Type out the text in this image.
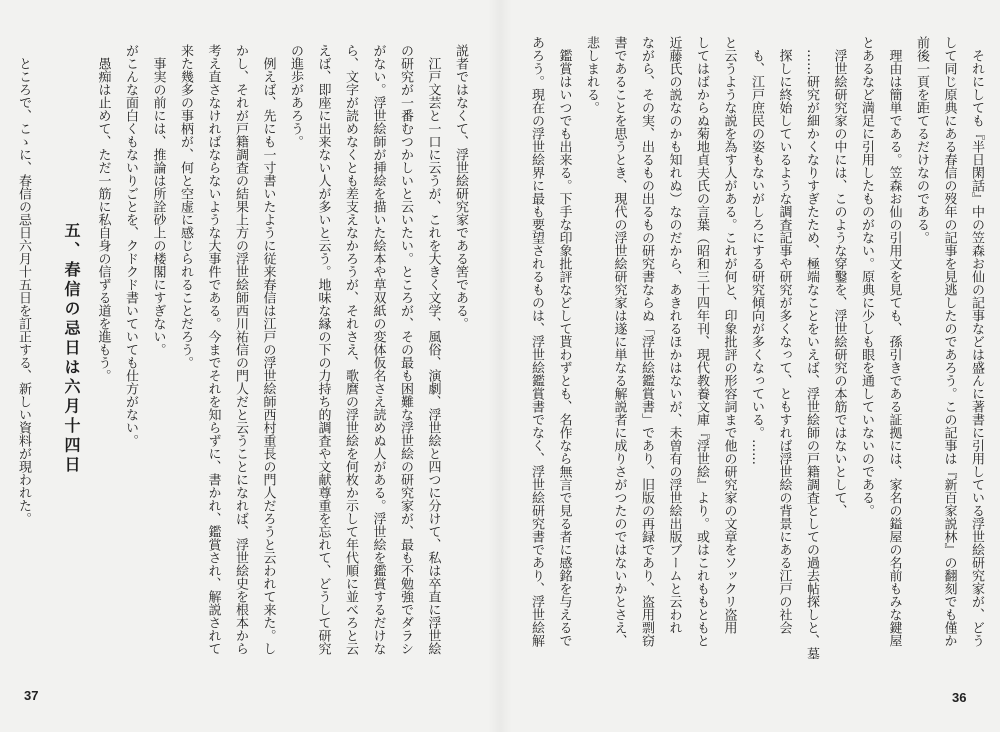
それにしても『半日閑話』中の笠森お仙の記事などは盛んに著書に引用している浮世絵研究家が、どう
して同じ原典にある春信の歿年の記事を見逃したのであろう。この記事は『新百家説林』の翻刻でも僅か
前後一頁を距てるだけなのである。
理由は簡単である。笠森お仙の引用文を見ても、孫引きである証拠には、家名の鎰屋の名前もみな鍵屋
とあるなど満足に引用したものがない。原典に少しも眼を通していないのである。
浮世絵研究家の中には、このような穿鑿を、浮世絵研究の本筋ではないとして、
……研究が細かくなりすぎたため、極端なことをいえば、浮世絵師の戸籍調査としての過去帖探しと、墓
探しに終始しているような調査記事や研究が多くなって、ともすれば浮世絵の背景にある江戸の社会
も、江戸庶民の姿もないがしろにする研究傾向が多くなっている。……
と云うような説を為す人がある。これが何と、印象批評の形容詞まで他の研究家の文章をソックリ盗用
してはばからぬ菊地貞夫氏の言葉（昭和三十四年刊、現代教養文庫『浮世絵』より。或はこれももともと
近藤氏の説なのかも知れぬ）なのだから、あきれるほかはないが、未曽有の浮世絵出版ブームと云われ
ながら、その実、出るもの出るもの研究書ならぬ「浮世絵鑑賞書」であり、旧版の再録であり、盗用剽窃
書であることを思うとき、現代の浮世絵研究家は遂に単なる解説者に成りさがつたのではないかとさえ、
悲しまれる。
鑑賞はいつでも出来る。下手な印象批評などして貰わずとも、名作なら無言で見る者に感銘を与えるで
あろう。現在の浮世絵界に最も要望されるものは、浮世絵鑑賞書でなく、浮世絵研究書であり、浮世絵解
説者ではなくて、浮世絵研究家である筈である。
江戸文芸と一口に云うが、これを大きく文学、風俗、演劇、浮世絵と四つに分けて、私は卒直に浮世絵
の研究が一番むつかしいと云いたい。ところが、その最も困難な浮世絵の研究家が、最も不勉強でダラシ
がない。浮世絵師が挿絵を描いた絵本や草双紙の変体仮名さえ読めぬ人がある。浮世絵を鑑賞するだけな
ら、文字が読めなくとも差支えなかろうが、それさえ、歌麿の浮世絵を何枚か示して年代順に並べろと云
えば、即座に出来ない人が多いと云う。地味な縁の下の力持ち的調査や文献尊重を忘れて、どうして研究
の進歩があろう。
例えば、先にも一寸書いたように従来春信は江戸の浮世絵師西村重長の門人だろうと云われて来た。し
かし、それが戸籍調査の結果上方の浮世絵師西川祐信の門人だと云うことになれば、浮世絵史を根本から
考え直さなければならないような大事件である。今までそれを知らずに、書かれ、鑑賞され、解説されて
来た幾多の事柄が、何と空虚に感じられることだろう。
事実の前には、推論は所詮砂上の楼閣にすぎない。
がこんな面白くもないりごとを、クドクド書いていても仕方がない。
愚痴は止めて、ただ一筋に私自身の信ずる道を進もう。
五、春信の忌日は六月十四日
ところで、こゝに、春信の忌日六月十五日を訂正する、新しい資料が現われた。
37	36
